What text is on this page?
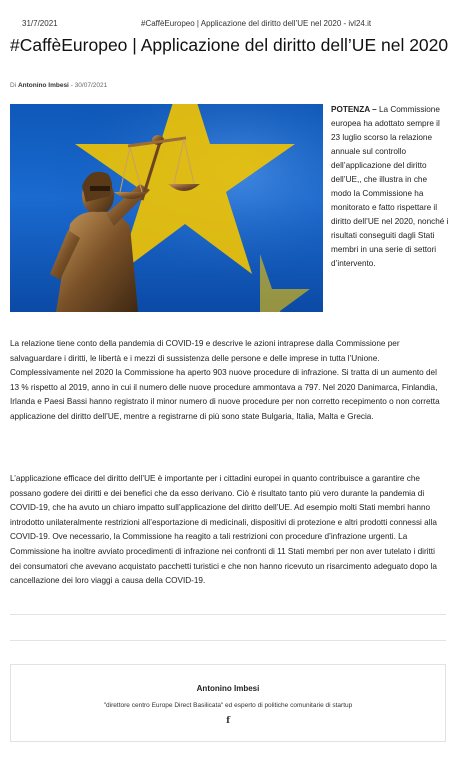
31/7/2021	#CaffèEuropeo | Applicazione del diritto dell’UE nel 2020 - ivl24.it
#CaffèEuropeo | Applicazione del diritto dell’UE nel 2020
Di Antonino Imbesi - 30/07/2021
POTENZA – La Commissione europea ha adottato sempre il 23 luglio scorso la relazione annuale sul controllo dell’applicazione del diritto dell’UE,, che illustra in che modo la Commissione ha monitorato e fatto rispettare il diritto dell’UE nel 2020, nonché i risultati conseguiti dagli Stati membri in una serie di settori d’intervento.

La relazione tiene conto della pandemia di COVID-19 e descrive le azioni intraprese dalla Commissione per salvaguardare i diritti, le libertà e i mezzi di sussistenza delle persone e delle imprese in tutta l’Unione. Complessivamente nel 2020 la Commissione ha aperto 903 nuove procedure di infrazione. Si tratta di un aumento del 13 % rispetto al 2019, anno in cui il numero delle nuove procedure ammontava a 797. Nel 2020 Danimarca, Finlandia, Irlanda e Paesi Bassi hanno registrato il minor numero di nuove procedure per non corretto recepimento o non corretta applicazione del diritto dell’UE, mentre a registrarne di più sono state Bulgaria, Italia, Malta e Grecia.

L’applicazione efficace del diritto dell’UE è importante per i cittadini europei in quanto contribuisce a garantire che possano godere dei diritti e dei benefici che da esso derivano. Ciò è risultato tanto più vero durante la pandemia di COVID-19, che ha avuto un chiaro impatto sull’applicazione del diritto dell’UE. Ad esempio molti Stati membri hanno introdotto unilateralmente restrizioni all’esportazione di medicinali, dispositivi di protezione e altri prodotti connessi alla COVID-19. Ove necessario, la Commissione ha reagito a tali restrizioni con procedure d’infrazione urgenti. La Commissione ha inoltre avviato procedimenti di infrazione nei confronti di 11 Stati membri per non aver tutelato i diritti dei consumatori che avevano acquistato pacchetti turistici e che non hanno ricevuto un risarcimento adeguato dopo la cancellazione dei loro viaggi a causa della COVID-19.

Antonino Imbesi
"direttore centro Europe Direct Basilicata" ed esperto di politiche comunitarie di startup
f
